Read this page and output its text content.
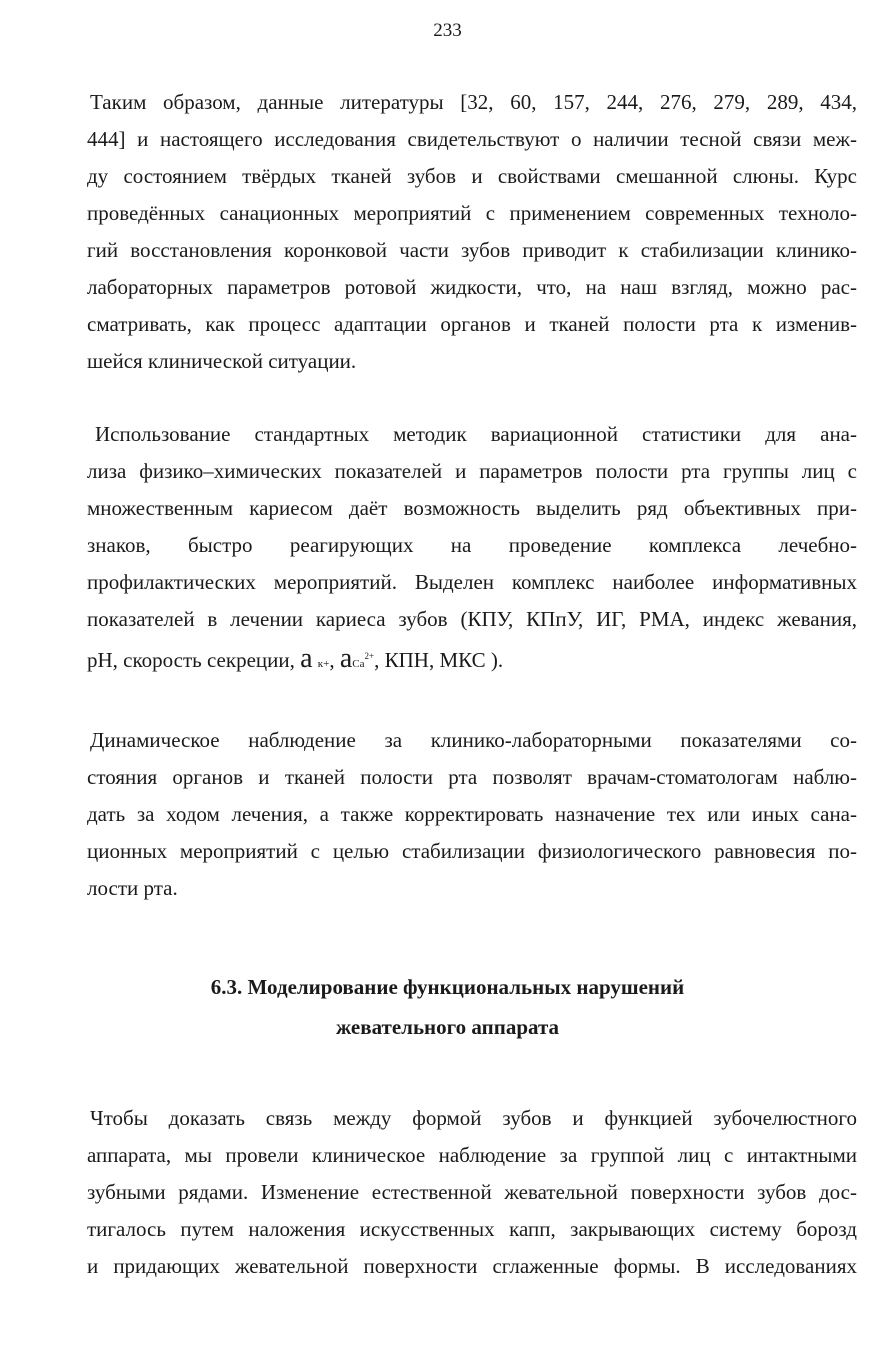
233
Таким образом, данные литературы [32, 60, 157, 244, 276, 279, 289, 434,
444] и настоящего исследования свидетельствуют о наличии тесной связи меж-
ду состоянием твёрдых тканей зубов и свойствами смешанной слюны. Курс
проведённых санационных мероприятий с применением современных техноло-
гий восстановления коронковой части зубов приводит к стабилизации клинико-
лабораторных параметров ротовой жидкости, что, на наш взгляд, можно рас-
сматривать, как процесс адаптации органов и тканей полости рта к изменив-
шейся клинической ситуации.
Использование стандартных методик вариационной статистики для ана-
лиза физико–химических показателей и параметров полости рта группы лиц с
множественным кариесом даёт возможность выделить ряд объективных при-
знаков, быстро реагирующих на проведение комплекса лечебно-
профилактических мероприятий. Выделен комплекс наиболее информативных
показателей в лечении кариеса зубов (КПУ, КПпУ, ИГ, РМА, индекс жевания,
рН, скорость секреции, а к+, аCa$^{2+}$, КПН, МКС ).
Динамическое наблюдение за клинико-лабораторными показателями со-
стояния органов и тканей полости рта позволят врачам-стоматологам наблю-
дать за ходом лечения, а также корректировать назначение тех или иных сана-
ционных мероприятий с целью стабилизации физиологического равновесия по-
лости рта.
6.3. Моделирование функциональных нарушений
жевательного аппарата
Чтобы доказать связь между формой зубов и функцией зубочелюстного
аппарата, мы провели клиническое наблюдение за группой лиц с интактными
зубными рядами. Изменение естественной жевательной поверхности зубов дос-
тигалось путем наложения искусственных капп, закрывающих систему борозд
и придающих жевательной поверхности сглаженные формы. В исследованиях
